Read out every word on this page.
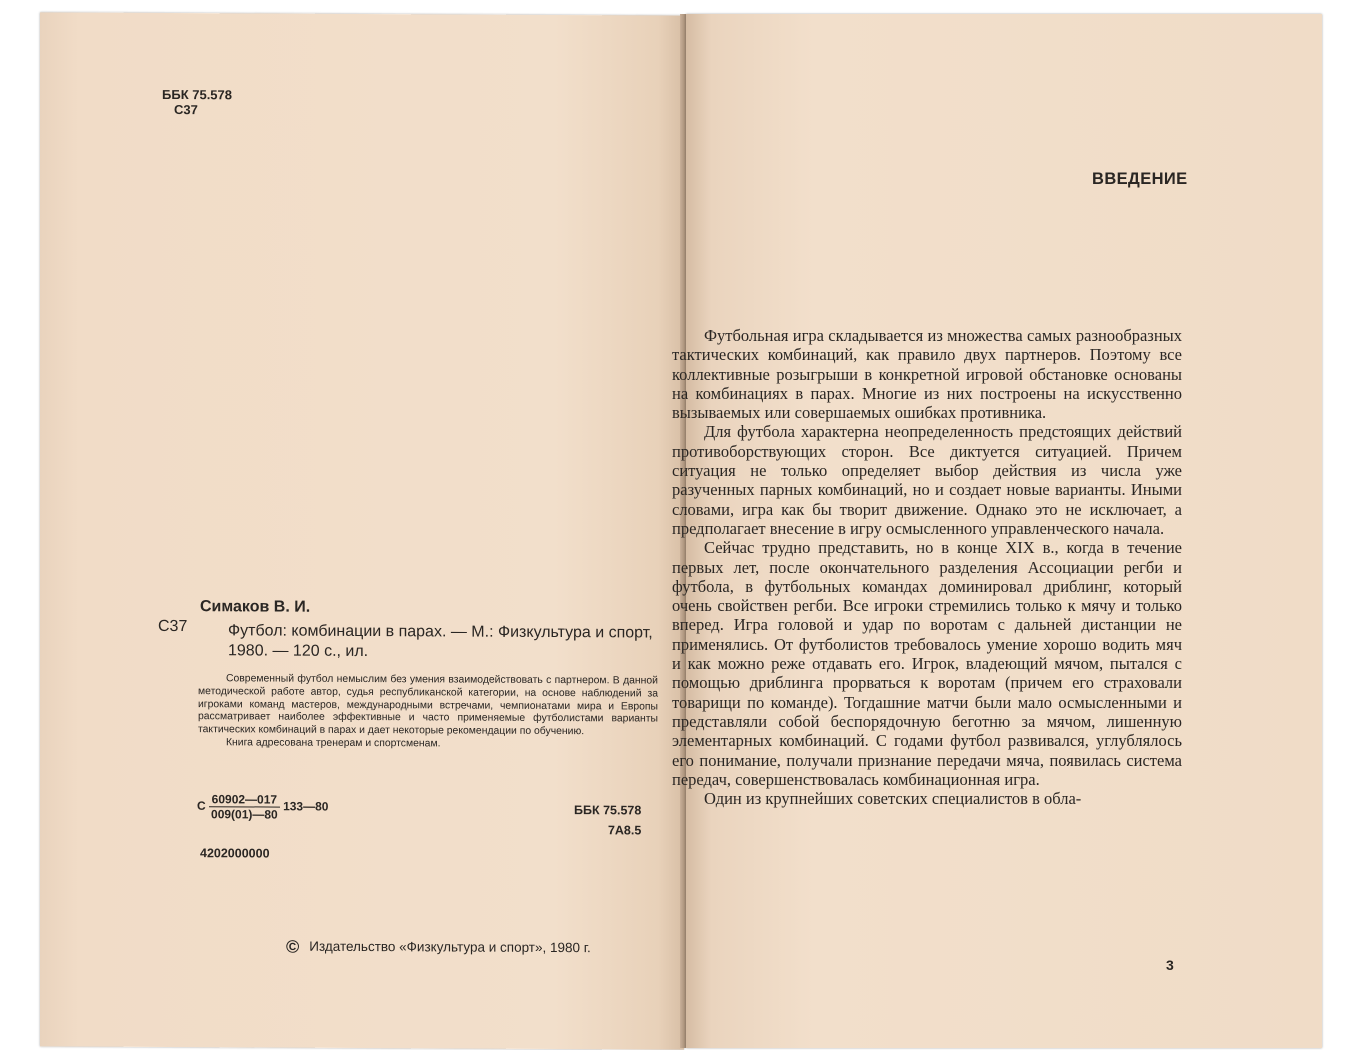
ББК 75.578
С37
Симаков В. И.
С37	Футбол: комбинации в парах. — М.: Физкультура и спорт, 1980. — 120 с., ил.

Современный футбол немыслим без умения взаимодействовать с партнером. В данной методической работе автор, судья республиканской категории, на основе наблюдений за игроками команд мастеров, международными встречами, чемпионатами мира и Европы рассматривает наиболее эффективные и часто применяемые футболистами варианты тактических комбинаций в парах и дает некоторые рекомендации по обучению.

Книга адресована тренерам и спортсменам.

С $\frac{60902—017}{009(01)—80}$ 133—80	ББК 75.578
7А8.5
4202000000
© Издательство «Физкультура и спорт», 1980 г.
ВВЕДЕНИЕ

Футбольная игра складывается из множества самых разнообразных тактических комбинаций, как правило двух партнеров. Поэтому все коллективные розыгрыши в конкретной игровой обстановке основаны на комбинациях в парах. Многие из них построены на искусственно вызываемых или совершаемых ошибках противника.

Для футбола характерна неопределенность предстоящих действий противоборствующих сторон. Все диктуется ситуацией. Причем ситуация не только определяет выбор действия из числа уже разученных парных комбинаций, но и создает новые варианты. Иными словами, игра как бы творит движение. Однако это не исключает, а предполагает внесение в игру осмысленного управленческого начала.

Сейчас трудно представить, но в конце XIX в., когда в течение первых лет, после окончательного разделения Ассоциации регби и футбола, в футбольных командах доминировал дриблинг, который очень свойствен регби. Все игроки стремились только к мячу и только вперед. Игра головой и удар по воротам с дальней дистанции не применялись. От футболистов требовалось умение хорошо водить мяч и как можно реже отдавать его. Игрок, владеющий мячом, пытался с помощью дриблинга прорваться к воротам (причем его страховали товарищи по команде). Тогдашние матчи были мало осмысленными и представляли собой беспорядочную беготню за мячом, лишенную элементарных комбинаций. С годами футбол развивался, углублялось его понимание, получали признание передачи мяча, появилась система передач, совершенствовалась комбинационная игра.

Один из крупнейших советских специалистов в обла-

3
